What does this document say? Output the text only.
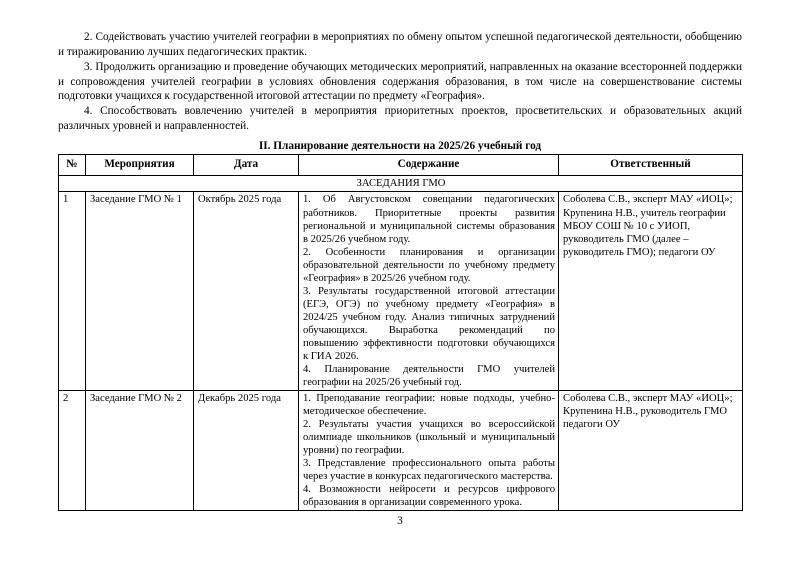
2. Содействовать участию учителей географии в мероприятиях по обмену опытом успешной педагогической деятельности, обобщению и тиражированию лучших педагогических практик.

3. Продолжить организацию и проведение обучающих методических мероприятий, направленных на оказание всесторонней поддержки и сопровождения учителей географии в условиях обновления содержания образования, в том числе на совершенствование системы подготовки учащихся к государственной итоговой аттестации по предмету «География».

4. Способствовать вовлечению учителей в мероприятия приоритетных проектов, просветительских и образовательных акций различных уровней и направленностей.

II. Планирование деятельности на 2025/26 учебный год
№	Мероприятия	Дата	Содержание	Ответственный
ЗАСЕДАНИЯ ГМО				
1	Заседание ГМО № 1	Октябрь 2025 года	1. Об Августовском совещании педагогических работников. Приоритетные проекты развития региональной и муниципальной системы образования в 2025/26 учебном году.
2. Особенности планирования и организации образовательной деятельности по учебному предмету «География» в 2025/26 учебном году.
3. Результаты государственной итоговой аттестации (ЕГЭ, ОГЭ) по учебному предмету «География» в 2024/25 учебном году. Анализ типичных затруднений обучающихся. Выработка рекомендаций по повышению эффективности подготовки обучающихся к ГИА 2026.
4. Планирование деятельности ГМО учителей географии на 2025/26 учебный год.	Соболева С.В., эксперт МАУ «ИОЦ»; Крупенина Н.В., учитель географии МБОУ СОШ № 10 с УИОП, руководитель ГМО (далее – руководитель ГМО); педагоги ОУ
2	Заседание ГМО № 2	Декабрь 2025 года	1. Преподавание географии: новые подходы, учебно-методическое обеспечение.
2. Результаты участия учащихся во всероссийской олимпиаде школьников (школьный и муниципальный уровни) по географии.
3. Представление профессионального опыта работы через участие в конкурсах педагогического мастерства.
4. Возможности нейросети и ресурсов цифрового образования в организации современного урока.	Соболева С.В., эксперт МАУ «ИОЦ»; Крупенина Н.В., руководитель ГМО педагоги ОУ
3
